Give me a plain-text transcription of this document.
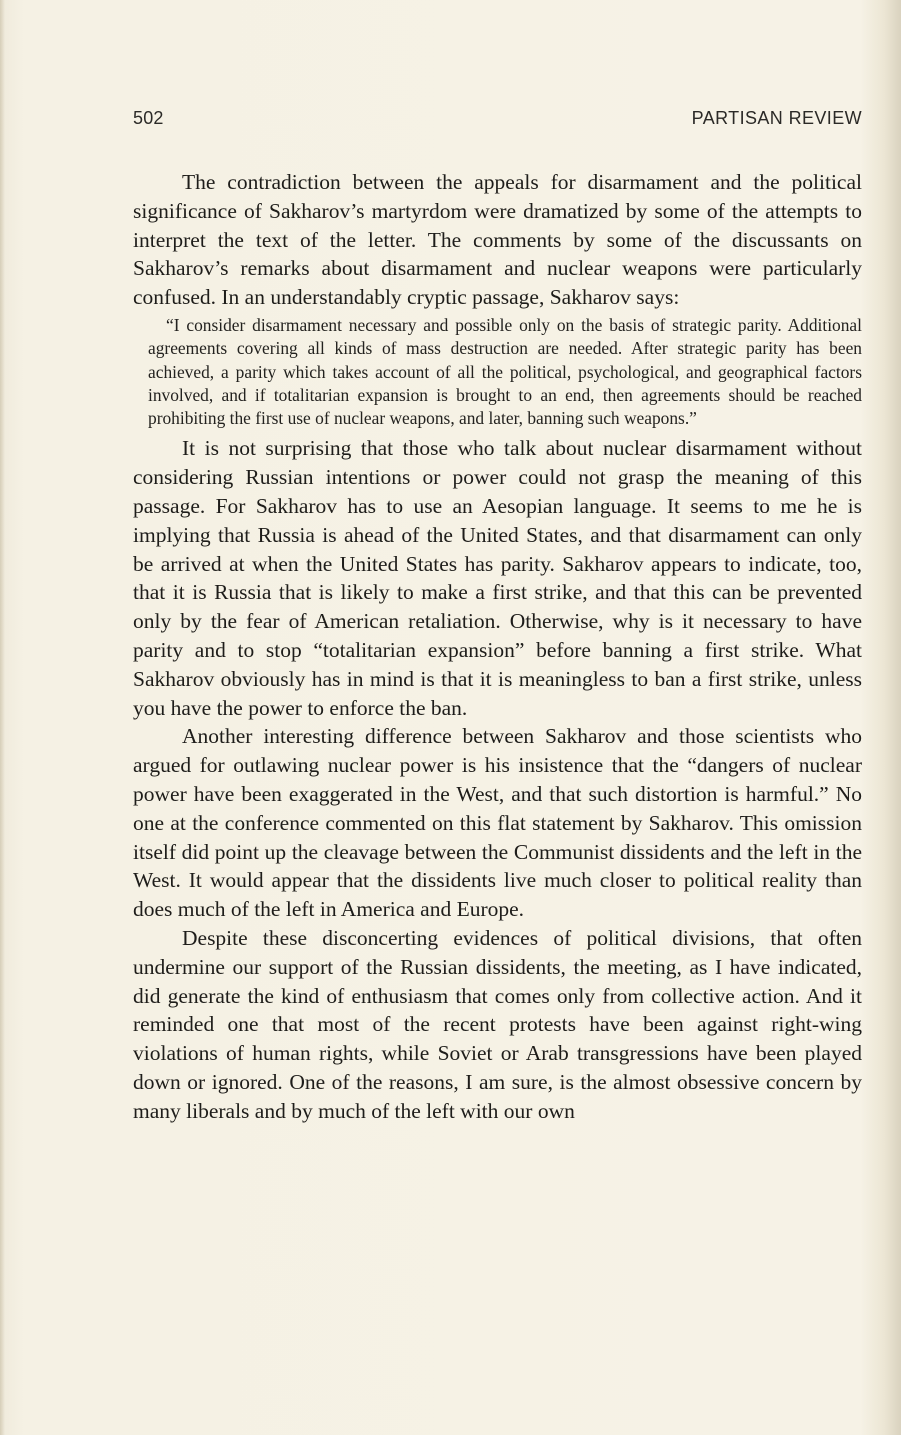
502	PARTISAN REVIEW

The contradiction between the appeals for disarmament and the political significance of Sakharov’s martyrdom were dramatized by some of the attempts to interpret the text of the letter. The comments by some of the discussants on Sakharov’s remarks about disarmament and nuclear weapons were particularly confused. In an understandably cryptic passage, Sakharov says:

“I consider disarmament necessary and possible only on the basis of strategic parity. Additional agreements covering all kinds of mass destruction are needed. After strategic parity has been achieved, a parity which takes account of all the political, psychological, and geographical factors involved, and if totalitarian expansion is brought to an end, then agreements should be reached prohibiting the first use of nuclear weapons, and later, banning such weapons.”

It is not surprising that those who talk about nuclear disarmament without considering Russian intentions or power could not grasp the meaning of this passage. For Sakharov has to use an Aesopian language. It seems to me he is implying that Russia is ahead of the United States, and that disarmament can only be arrived at when the United States has parity. Sakharov appears to indicate, too, that it is Russia that is likely to make a first strike, and that this can be prevented only by the fear of American retaliation. Otherwise, why is it necessary to have parity and to stop “totalitarian expansion” before banning a first strike. What Sakharov obviously has in mind is that it is meaningless to ban a first strike, unless you have the power to enforce the ban.

Another interesting difference between Sakharov and those scientists who argued for outlawing nuclear power is his insistence that the “dangers of nuclear power have been exaggerated in the West, and that such distortion is harmful.” No one at the conference commented on this flat statement by Sakharov. This omission itself did point up the cleavage between the Communist dissidents and the left in the West. It would appear that the dissidents live much closer to political reality than does much of the left in America and Europe.

Despite these disconcerting evidences of political divisions, that often undermine our support of the Russian dissidents, the meeting, as I have indicated, did generate the kind of enthusiasm that comes only from collective action. And it reminded one that most of the recent protests have been against right-wing violations of human rights, while Soviet or Arab transgressions have been played down or ignored. One of the reasons, I am sure, is the almost obsessive concern by many liberals and by much of the left with our own
